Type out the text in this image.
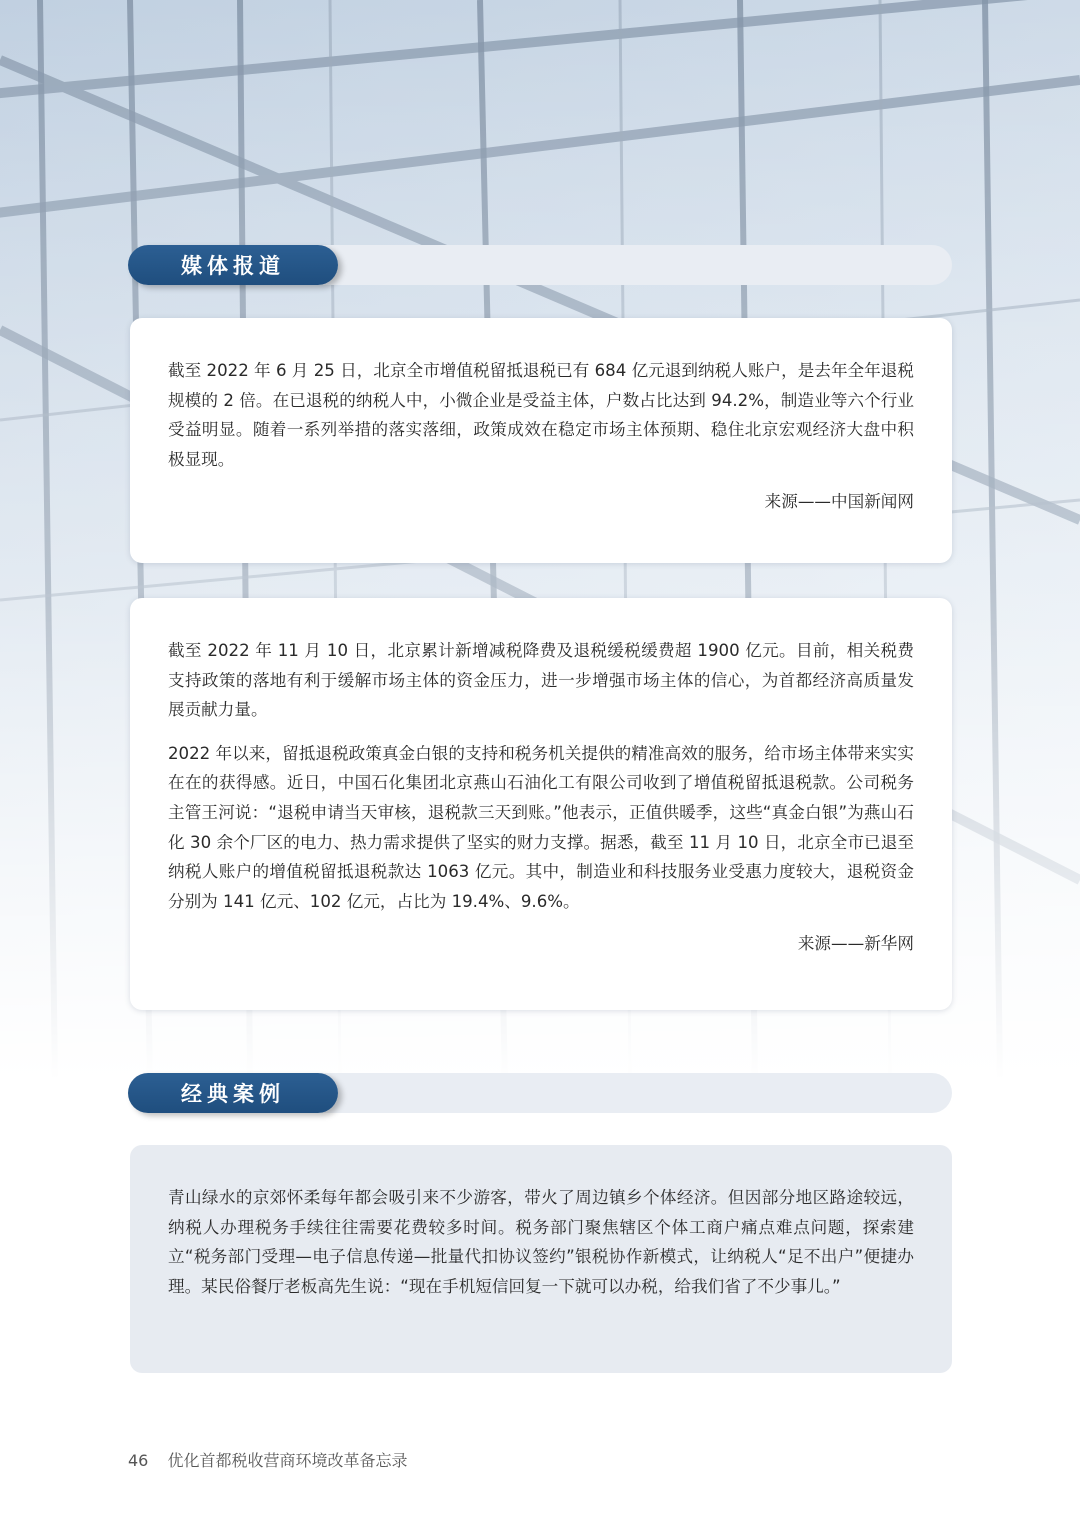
媒体报道

截至 2022 年 6 月 25 日，北京全市增值税留抵退税已有 684 亿元退到纳税人账户，是去年全年退税规模的 2 倍。在已退税的纳税人中，小微企业是受益主体，户数占比达到 94.2%，制造业等六个行业受益明显。随着一系列举措的落实落细，政策成效在稳定市场主体预期、稳住北京宏观经济大盘中积极显现。

来源——中国新闻网

截至 2022 年 11 月 10 日，北京累计新增减税降费及退税缓税缓费超 1900 亿元。目前，相关税费支持政策的落地有利于缓解市场主体的资金压力，进一步增强市场主体的信心，为首都经济高质量发展贡献力量。

2022 年以来，留抵退税政策真金白银的支持和税务机关提供的精准高效的服务，给市场主体带来实实在在的获得感。近日，中国石化集团北京燕山石油化工有限公司收到了增值税留抵退税款。公司税务主管王河说：“退税申请当天审核，退税款三天到账。”他表示，正值供暖季，这些“真金白银”为燕山石化 30 余个厂区的电力、热力需求提供了坚实的财力支撑。据悉，截至 11 月 10 日，北京全市已退至纳税人账户的增值税留抵退税款达 1063 亿元。其中，制造业和科技服务业受惠力度较大，退税资金分别为 141 亿元、102 亿元，占比为 19.4%、9.6%。

来源——新华网
经典案例

青山绿水的京郊怀柔每年都会吸引来不少游客，带火了周边镇乡个体经济。但因部分地区路途较远，纳税人办理税务手续往往需要花费较多时间。税务部门聚焦辖区个体工商户痛点难点问题，探索建立“税务部门受理—电子信息传递—批量代扣协议签约”银税协作新模式，让纳税人“足不出户”便捷办理。某民俗餐厅老板高先生说：“现在手机短信回复一下就可以办税，给我们省了不少事儿。”

46 优化首都税收营商环境改革备忘录
